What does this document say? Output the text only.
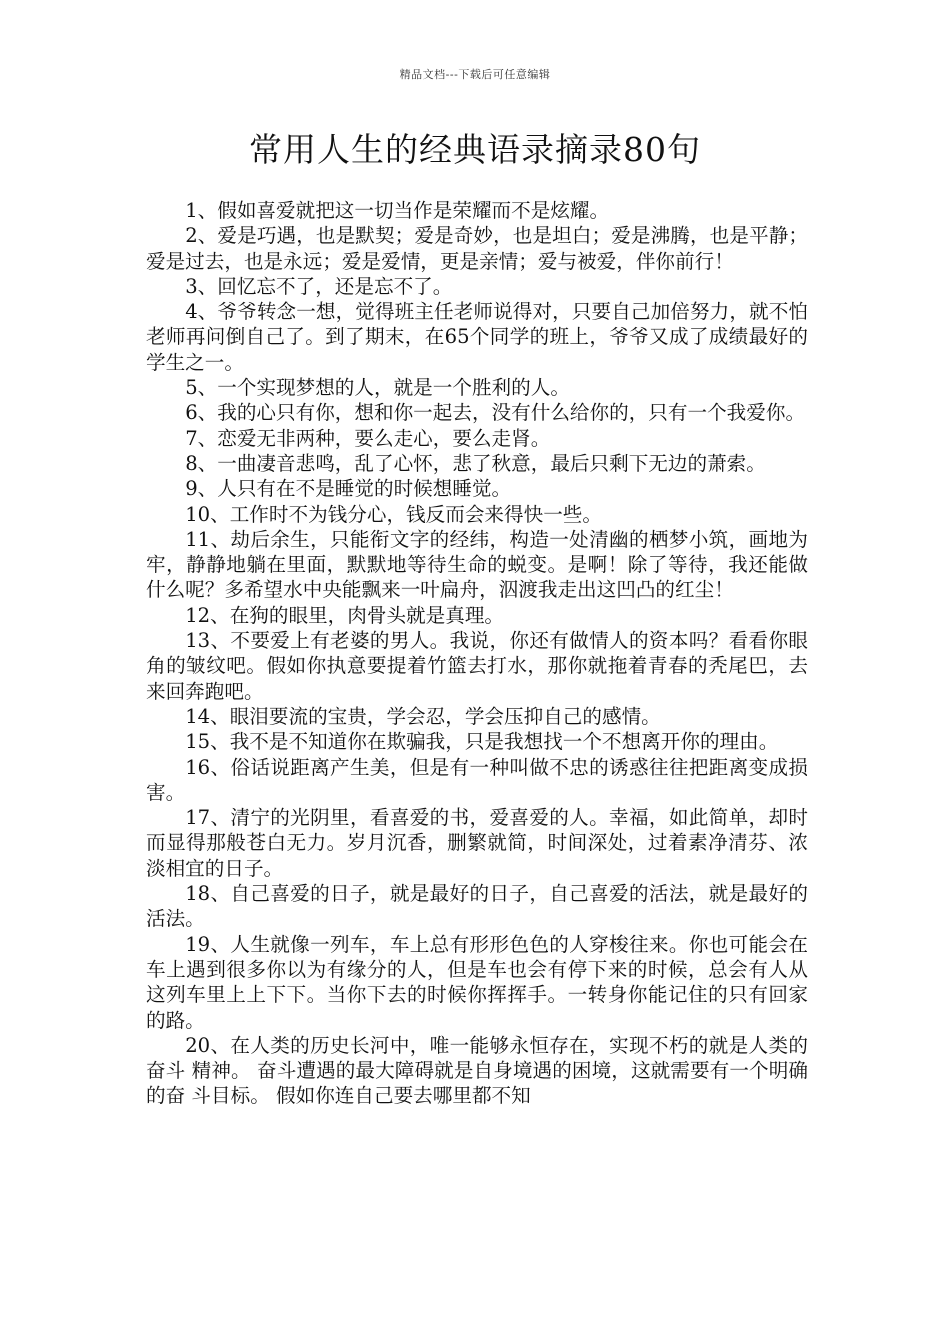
精品文档---下载后可任意编辑
常用人生的经典语录摘录80句

1、假如喜爱就把这一切当作是荣耀而不是炫耀。

2、爱是巧遇，也是默契；爱是奇妙，也是坦白；爱是沸腾，也是平静；爱是过去，也是永远；爱是爱情，更是亲情；爱与被爱，伴你前行！

3、回忆忘不了，还是忘不了。

4、爷爷转念一想，觉得班主任老师说得对，只要自己加倍努力，就不怕老师再问倒自己了。到了期末，在65个同学的班上，爷爷又成了成绩最好的学生之一。

5、一个实现梦想的人，就是一个胜利的人。

6、我的心只有你，想和你一起去，没有什么给你的，只有一个我爱你。

7、恋爱无非两种，要么走心，要么走肾。

8、一曲凄音悲鸣，乱了心怀，悲了秋意，最后只剩下无边的萧索。

9、人只有在不是睡觉的时候想睡觉。

10、工作时不为钱分心，钱反而会来得快一些。

11、劫后余生，只能衔文字的经纬，构造一处清幽的栖梦小筑，画地为牢，静静地躺在里面，默默地等待生命的蜕变。是啊！除了等待，我还能做什么呢？多希望水中央能飘来一叶扁舟，泅渡我走出这凹凸的红尘！

12、在狗的眼里，肉骨头就是真理。

13、不要爱上有老婆的男人。我说，你还有做情人的资本吗？看看你眼角的皱纹吧。假如你执意要提着竹篮去打水，那你就拖着青春的秃尾巴，去来回奔跑吧。

14、眼泪要流的宝贵，学会忍，学会压抑自己的感情。

15、我不是不知道你在欺骗我，只是我想找一个不想离开你的理由。

16、俗话说距离产生美，但是有一种叫做不忠的诱惑往往把距离变成损害。

17、清宁的光阴里，看喜爱的书，爱喜爱的人。幸福，如此简单，却时而显得那般苍白无力。岁月沉香，删繁就简，时间深处，过着素净清芬、浓淡相宜的日子。

18、自己喜爱的日子，就是最好的日子，自己喜爱的活法，就是最好的活法。

19、人生就像一列车，车上总有形形色色的人穿梭往来。你也可能会在车上遇到很多你以为有缘分的人，但是车也会有停下来的时候，总会有人从这列车里上上下下。当你下去的时候你挥挥手。一转身你能记住的只有回家的路。

20、在人类的历史长河中，唯一能够永恒存在，实现不朽的就是人类的奋斗 精神。 奋斗遭遇的最大障碍就是自身境遇的困境，这就需要有一个明确的奋 斗目标。 假如你连自己要去哪里都不知
